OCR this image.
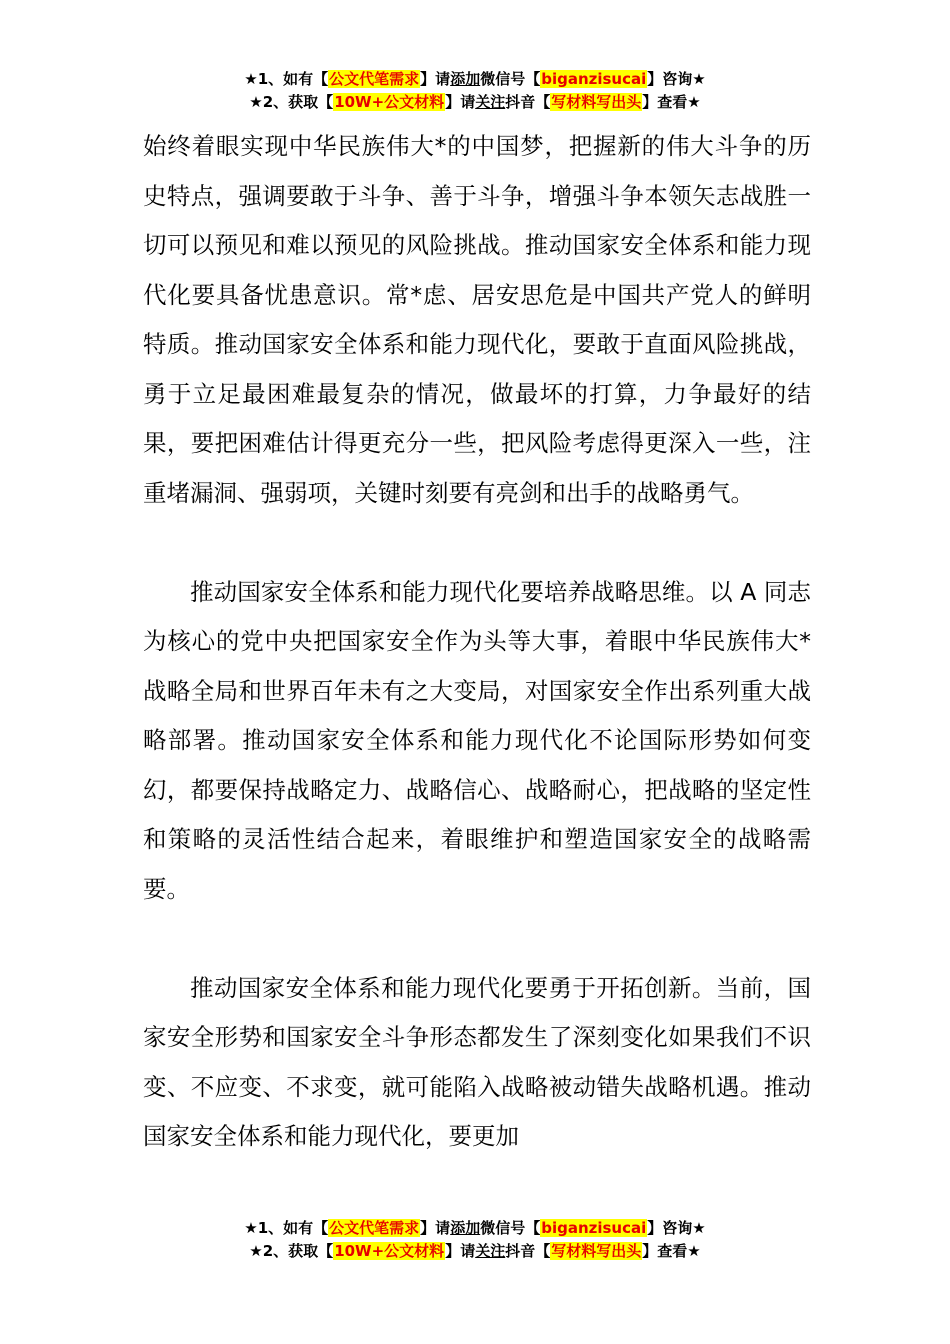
★1、如有【公文代笔需求】请添加微信号【biganzisucai】咨询★
★2、获取【10W+公文材料】请关注抖音【写材料写出头】查看★

始终着眼实现中华民族伟大*的中国梦，把握新的伟大斗争的历史特点，强调要敢于斗争、善于斗争，增强斗争本领矢志战胜一切可以预见和难以预见的风险挑战。推动国家安全体系和能力现代化要具备忧患意识。常*虑、居安思危是中国共产党人的鲜明特质。推动国家安全体系和能力现代化，要敢于直面风险挑战，勇于立足最困难最复杂的情况，做最坏的打算，力争最好的结果，要把困难估计得更充分一些，把风险考虑得更深入一些，注重堵漏洞、强弱项，关键时刻要有亮剑和出手的战略勇气。

推动国家安全体系和能力现代化要培养战略思维。以 A 同志为核心的党中央把国家安全作为头等大事，着眼中华民族伟大*战略全局和世界百年未有之大变局，对国家安全作出系列重大战略部署。推动国家安全体系和能力现代化不论国际形势如何变幻，都要保持战略定力、战略信心、战略耐心，把战略的坚定性和策略的灵活性结合起来，着眼维护和塑造国家安全的战略需要。

推动国家安全体系和能力现代化要勇于开拓创新。当前，国家安全形势和国家安全斗争形态都发生了深刻变化如果我们不识变、不应变、不求变，就可能陷入战略被动错失战略机遇。推动国家安全体系和能力现代化，要更加

★1、如有【公文代笔需求】请添加微信号【biganzisucai】咨询★
★2、获取【10W+公文材料】请关注抖音【写材料写出头】查看★
